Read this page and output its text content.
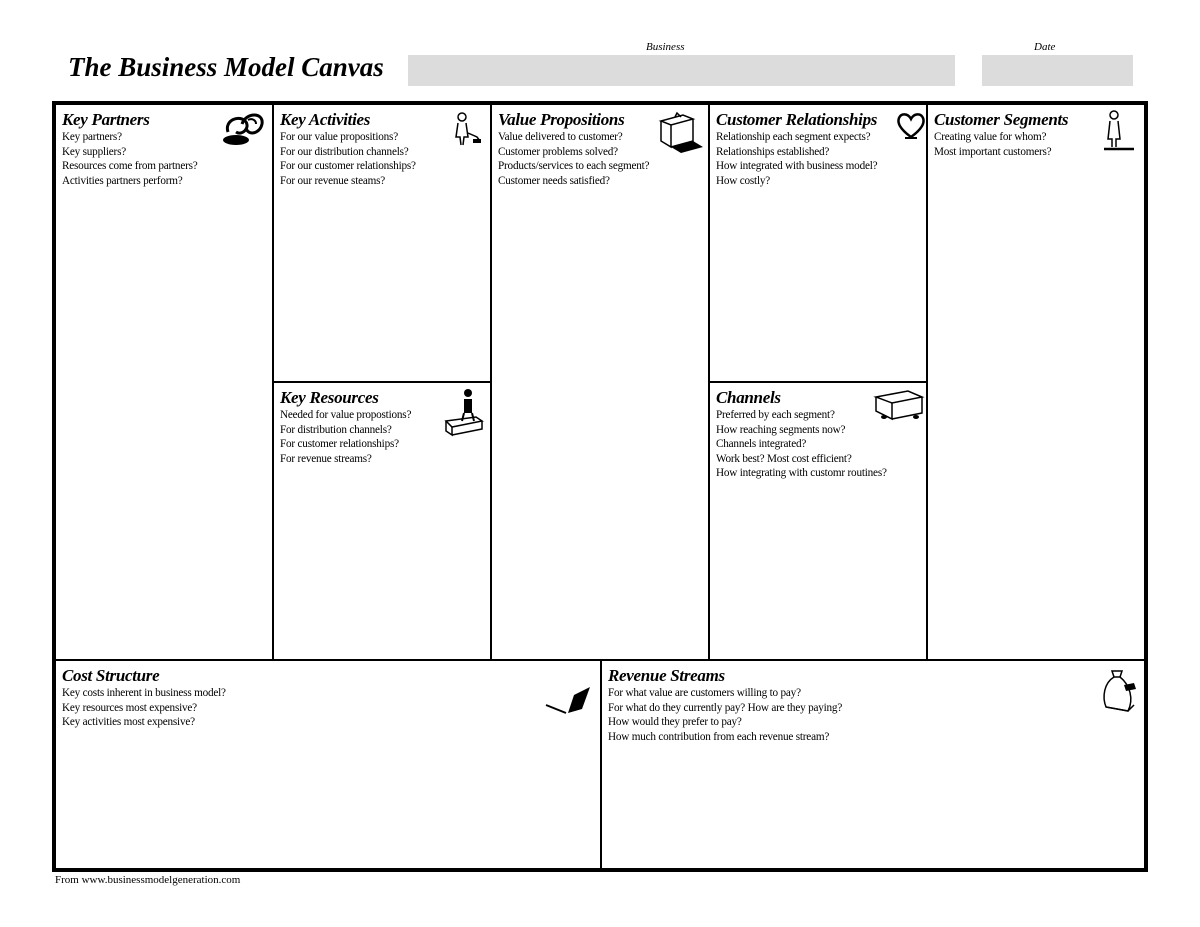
The Business Model Canvas
Business	Date
Key Partners
Key partners?
Key suppliers?
Resources come from partners?
Activities partners perform?
Key Activities
For our value propositions?
For our distribution channels?
For our customer relationships?
For our revenue steams?
Key Resources
Needed for value propostions?
For distribution channels?
For customer relationships?
For revenue streams?
Value Propositions
Value delivered to customer?
Customer problems solved?
Products/services to each segment?
Customer needs satisfied?
Customer Relationships
Relationship each segment expects?
Relationships established?
How integrated with business model?
How costly?
Channels
Preferred by each segment?
How reaching segments now?
Channels integrated?
Work best? Most cost efficient?
How integrating with customr routines?
Customer Segments
Creating value for whom?
Most important customers?
Cost Structure
Key costs inherent in business model?
Key resources most expensive?
Key activities most expensive?
Revenue Streams
For what value are customers willing to pay?
For what do they currently pay? How are they paying?
How would they prefer to pay?
How much contribution from each revenue stream?
From www.businessmodelgeneration.com
